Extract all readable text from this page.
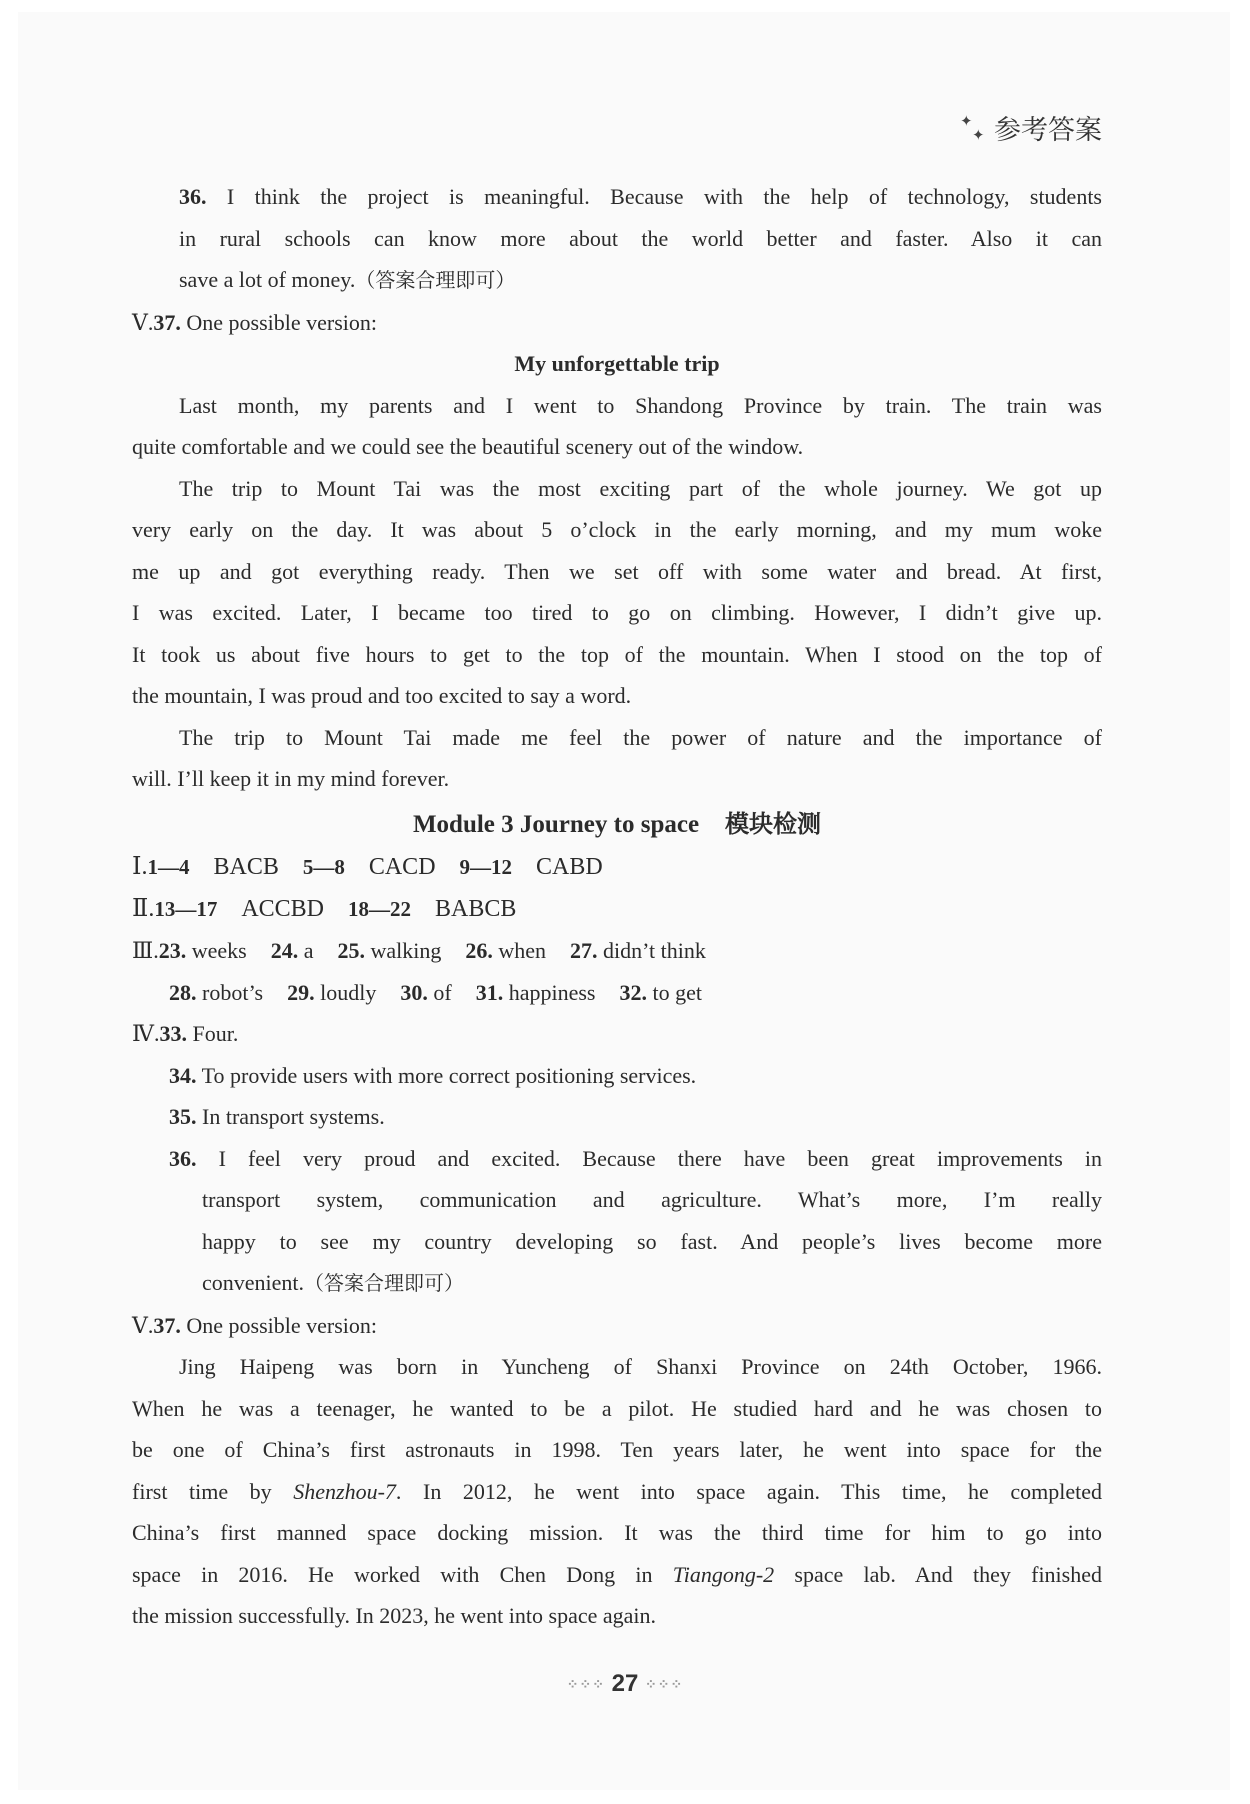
✦
✦ 参考答案
36. I think the project is meaningful. Because with the help of technology, students
in rural schools can know more about the world better and faster. Also it can
save a lot of money.（答案合理即可）
Ⅴ.37. One possible version:
My unforgettable trip
Last month, my parents and I went to Shandong Province by train. The train was
quite comfortable and we could see the beautiful scenery out of the window.
The trip to Mount Tai was the most exciting part of the whole journey. We got up
very early on the day. It was about 5 o’clock in the early morning, and my mum woke
me up and got everything ready. Then we set off with some water and bread. At first,
I was excited. Later, I became too tired to go on climbing. However, I didn’t give up.
It took us about five hours to get to the top of the mountain. When I stood on the top of
the mountain, I was proud and too excited to say a word.
The trip to Mount Tai made me feel the power of nature and the importance of
will. I’ll keep it in my mind forever.
Module 3 Journey to space 模块检测
Ⅰ.1—4 BACB 5—8 CACD 9—12 CABD
Ⅱ.13—17 ACCBD 18—22 BABCB
Ⅲ.23. weeks 24. a 25. walking 26. when 27. didn’t think
28. robot’s 29. loudly 30. of 31. happiness 32. to get
Ⅳ.33. Four.
34. To provide users with more correct positioning services.
35. In transport systems.
36. I feel very proud and excited. Because there have been great improvements in
transport system, communication and agriculture. What’s more, I’m really
happy to see my country developing so fast. And people’s lives become more
convenient.（答案合理即可）
Ⅴ.37. One possible version:
Jing Haipeng was born in Yuncheng of Shanxi Province on 24th October, 1966.
When he was a teenager, he wanted to be a pilot. He studied hard and he was chosen to
be one of China’s first astronauts in 1998. Ten years later, he went into space for the
first time by Shenzhou-7. In 2012, he went into space again. This time, he completed
China’s first manned space docking mission. It was the third time for him to go into
space in 2016. He worked with Chen Dong in Tiangong-2 space lab. And they finished
the mission successfully. In 2023, he went into space again.
⁘⁘⁘ 27 ⁘⁘⁘
